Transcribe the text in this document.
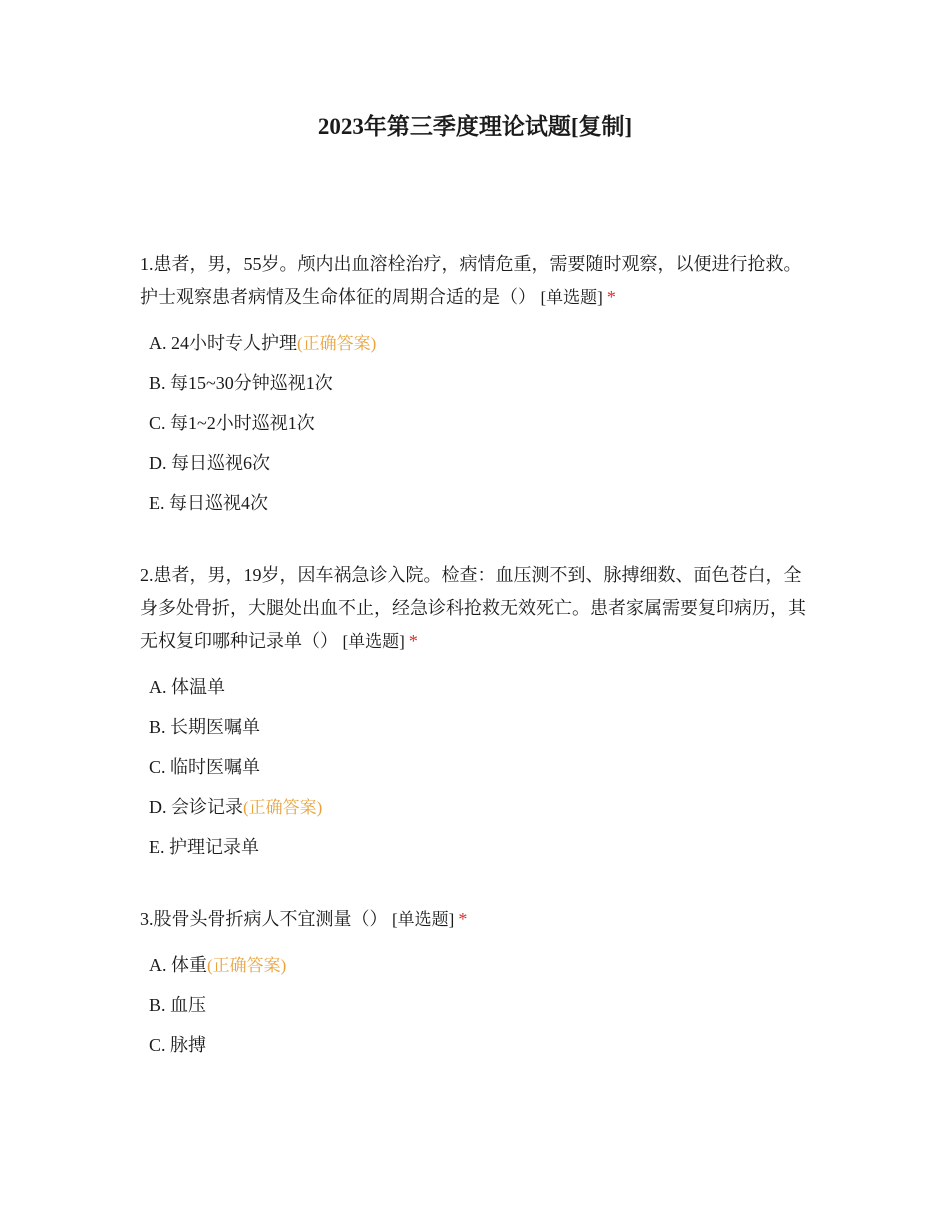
2023年第三季度理论试题[复制]

1.患者，男，55岁。颅内出血溶栓治疗，病情危重，需要随时观察，以便进行抢救。护士观察患者病情及生命体征的周期合适的是（） [单选题] *

A. 24小时专人护理(正确答案)
B. 每15~30分钟巡视1次
C. 每1~2小时巡视1次
D. 每日巡视6次
E. 每日巡视4次

2.患者，男，19岁，因车祸急诊入院。检查：血压测不到、脉搏细数、面色苍白，全身多处骨折，大腿处出血不止，经急诊科抢救无效死亡。患者家属需要复印病历，其无权复印哪种记录单（） [单选题] *

A. 体温单
B. 长期医嘱单
C. 临时医嘱单
D. 会诊记录(正确答案)
E. 护理记录单

3.股骨头骨折病人不宜测量（） [单选题] *

A. 体重(正确答案)
B. 血压
C. 脉搏
